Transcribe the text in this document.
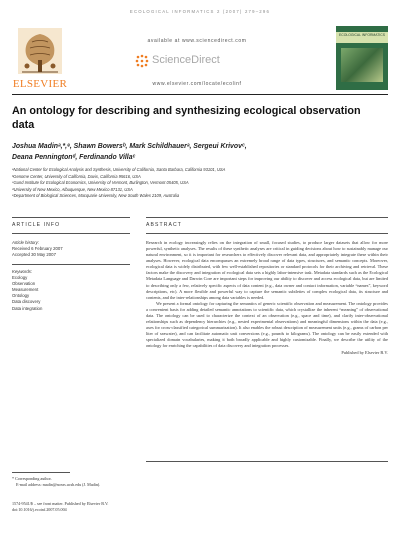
ECOLOGICAL INFORMATICS 2 (2007) 279–296
ELSEVIER
available at www.sciencedirect.com
ScienceDirect
www.elsevier.com/locate/ecolinf
ECOLOGICAL INFORMATICS
An ontology for describing and synthesizing ecological observation data
Joshua Madinᵃ,*,ᵉ, Shawn Bowersᵇ, Mark Schildhauerᵃ, Sergeui Krivovᶜ,
Deana Penningtonᵈ, Ferdinando Villaᶜ
ᵃNational Center for Ecological Analysis and Synthesis, University of California, Santa Barbara, California 93101, USA
ᵇGenome Center, University of California, Davis, California 95616, USA
ᶜGund Institute for Ecological Economics, University of Vermont, Burlington, Vermont 05405, USA
ᵈUniversity of New Mexico, Albuquerque, New Mexico 87131, USA
ᵉDepartment of Biological Sciences, Macquarie University, New South Wales 2109, Australia
ARTICLE INFO
Article history:
Received 6 February 2007
Accepted 30 May 2007
Keywords:
Ecology
Observation
Measurement
Ontology
Data discovery
Data integration
ABSTRACT

Research in ecology increasingly relies on the integration of small, focused studies, to produce larger datasets that allow for more powerful, synthetic analyses. The results of these synthetic analyses are critical in guiding decisions about how to sustainably manage our natural environment, so it is important for researchers to effectively discover relevant data, and appropriately integrate these within their analyses. However, ecological data encompasses an extremely broad range of data types, structures, and semantic concepts. Moreover, ecological data is widely distributed, with few well-established repositories or standard protocols for their archiving and retrieval. These factors make the discovery and integration of ecological data sets a highly labor-intensive task. Metadata standards such as the Ecological Metadata Language and Darwin Core are important steps for improving our ability to discover and access ecological data, but are limited to describing only a few, relatively specific aspects of data content (e.g., data owner and contact information, variable “names”, keyword descriptions, etc). A more flexible and powerful way to capture the semantic subtleties of complex ecological data, its structure and contents, and the inter-relationships among data variables is needed.

We present a formal ontology for capturing the semantics of generic scientific observation and measurement. The ontology provides a convenient basis for adding detailed semantic annotations to scientific data, which crystallize the inherent “meaning” of observational data. The ontology can be used to characterize the context of an observation (e.g., space and time), and clarify inter-observational relationships such as dependency hierarchies (e.g., nested experimental observations) and meaningful dimensions within the data (e.g., axes for cross-classified categorical summarization). It also enables the robust description of measurement units (e.g., grams of carbon per liter of seawater), and can facilitate automatic unit conversions (e.g., pounds to kilograms). The ontology can be easily extended with specialized domain vocabularies, making it both broadly applicable and highly customizable. Finally, we describe the utility of the ontology for enriching the capabilities of data discovery and integration processes.

Published by Elsevier B.V.
* Corresponding author.
E-mail address: madin@nceas.ucsb.edu (J. Madin).
1574-9541/$ – see front matter. Published by Elsevier B.V.
doi:10.1016/j.ecoinf.2007.05.004
